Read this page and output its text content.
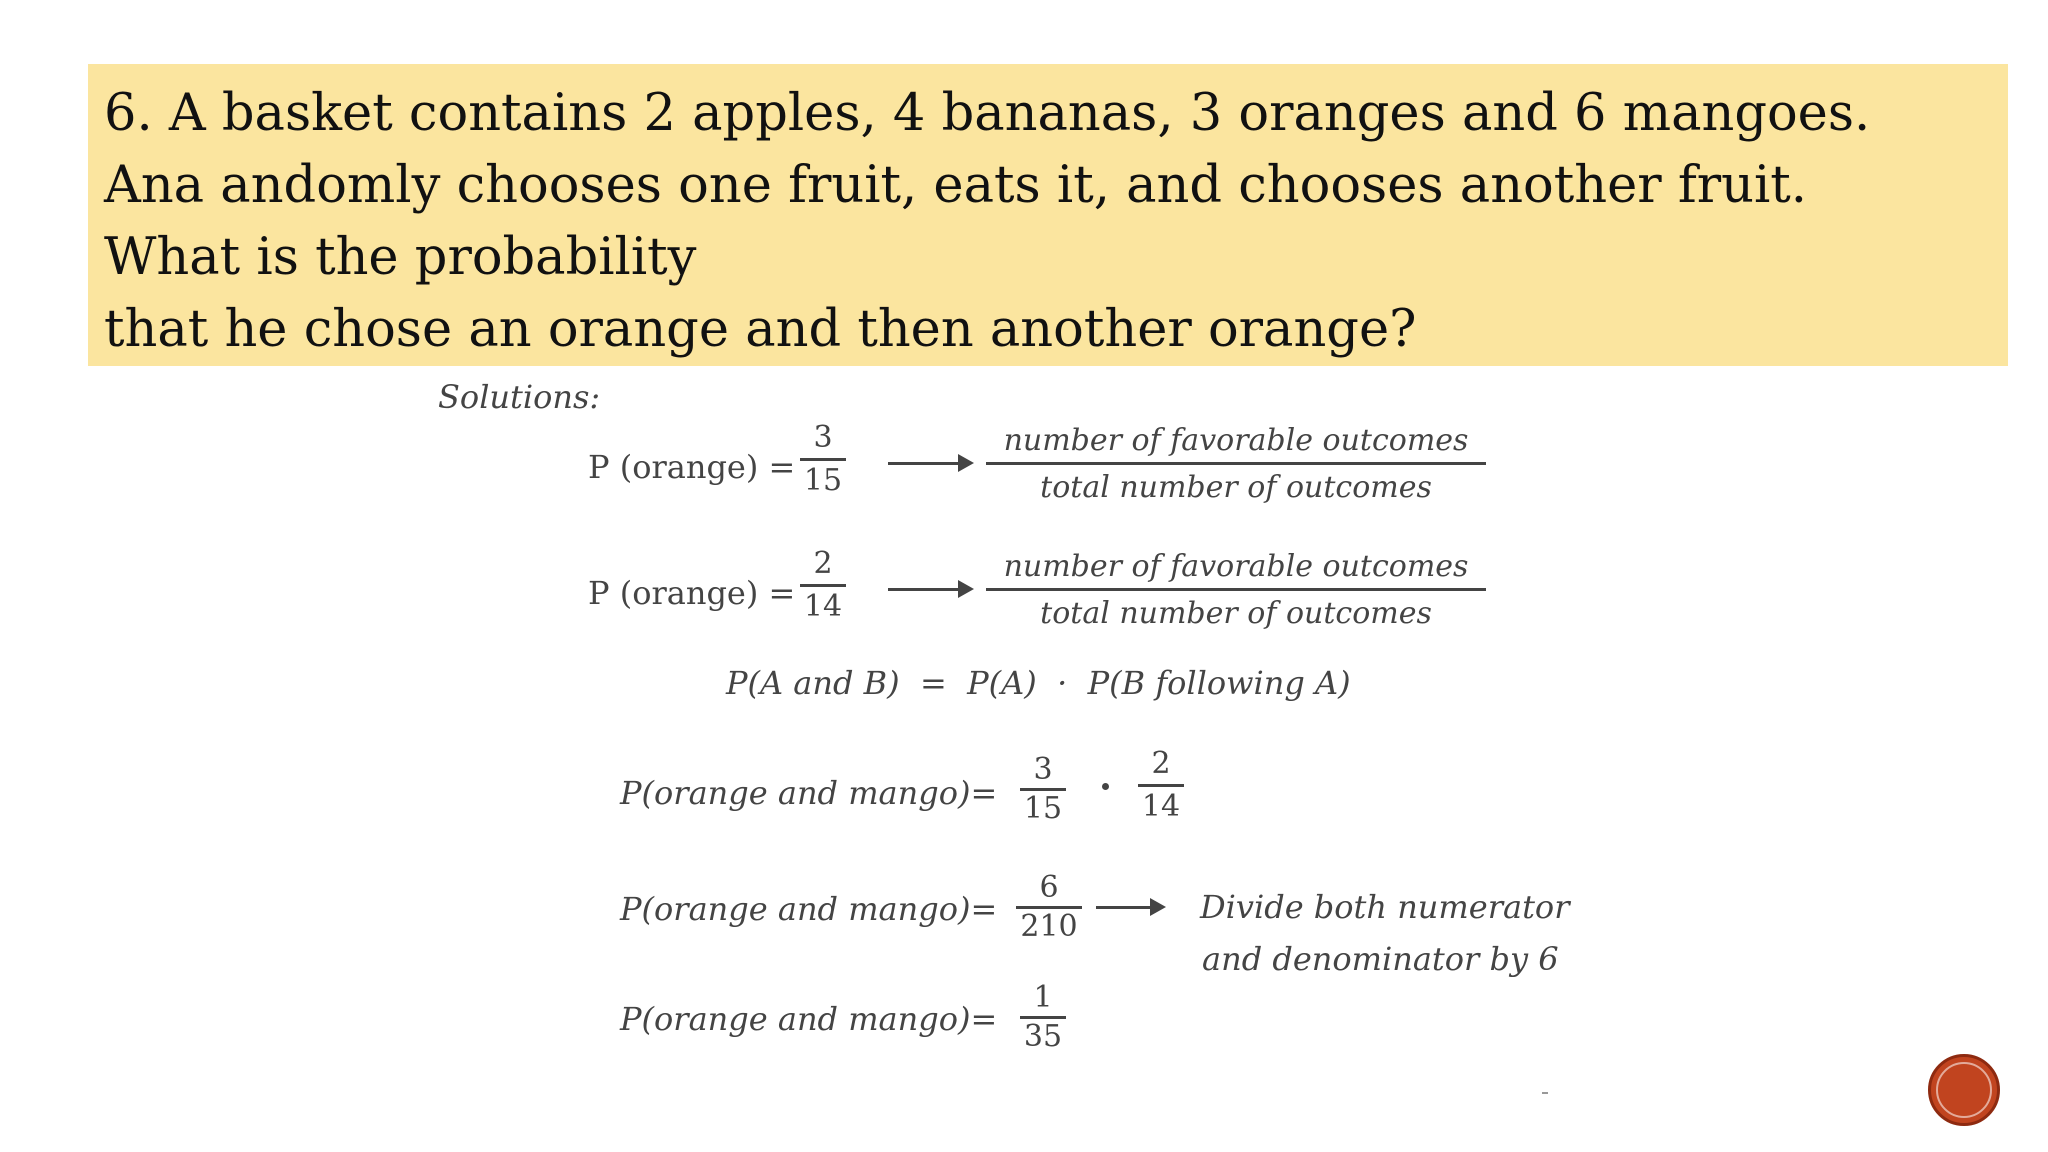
6. A basket contains 2 apples, 4 bananas, 3 oranges and 6 mangoes.
Ana andomly chooses one fruit, eats it, and chooses another fruit.
What is the probability
that he chose an orange and then another orange?
Solutions:
P (orange) =
3
15
number of favorable outcomes
total number of outcomes
P (orange) =
2
14
number of favorable outcomes
total number of outcomes
P(A and B)  =  P(A)  ·  P(B following A)
P(orange and mango)=
3
15
2
14
P(orange and mango)=
6
210
Divide both numerator
and denominator by 6
P(orange and mango)=
1
35
